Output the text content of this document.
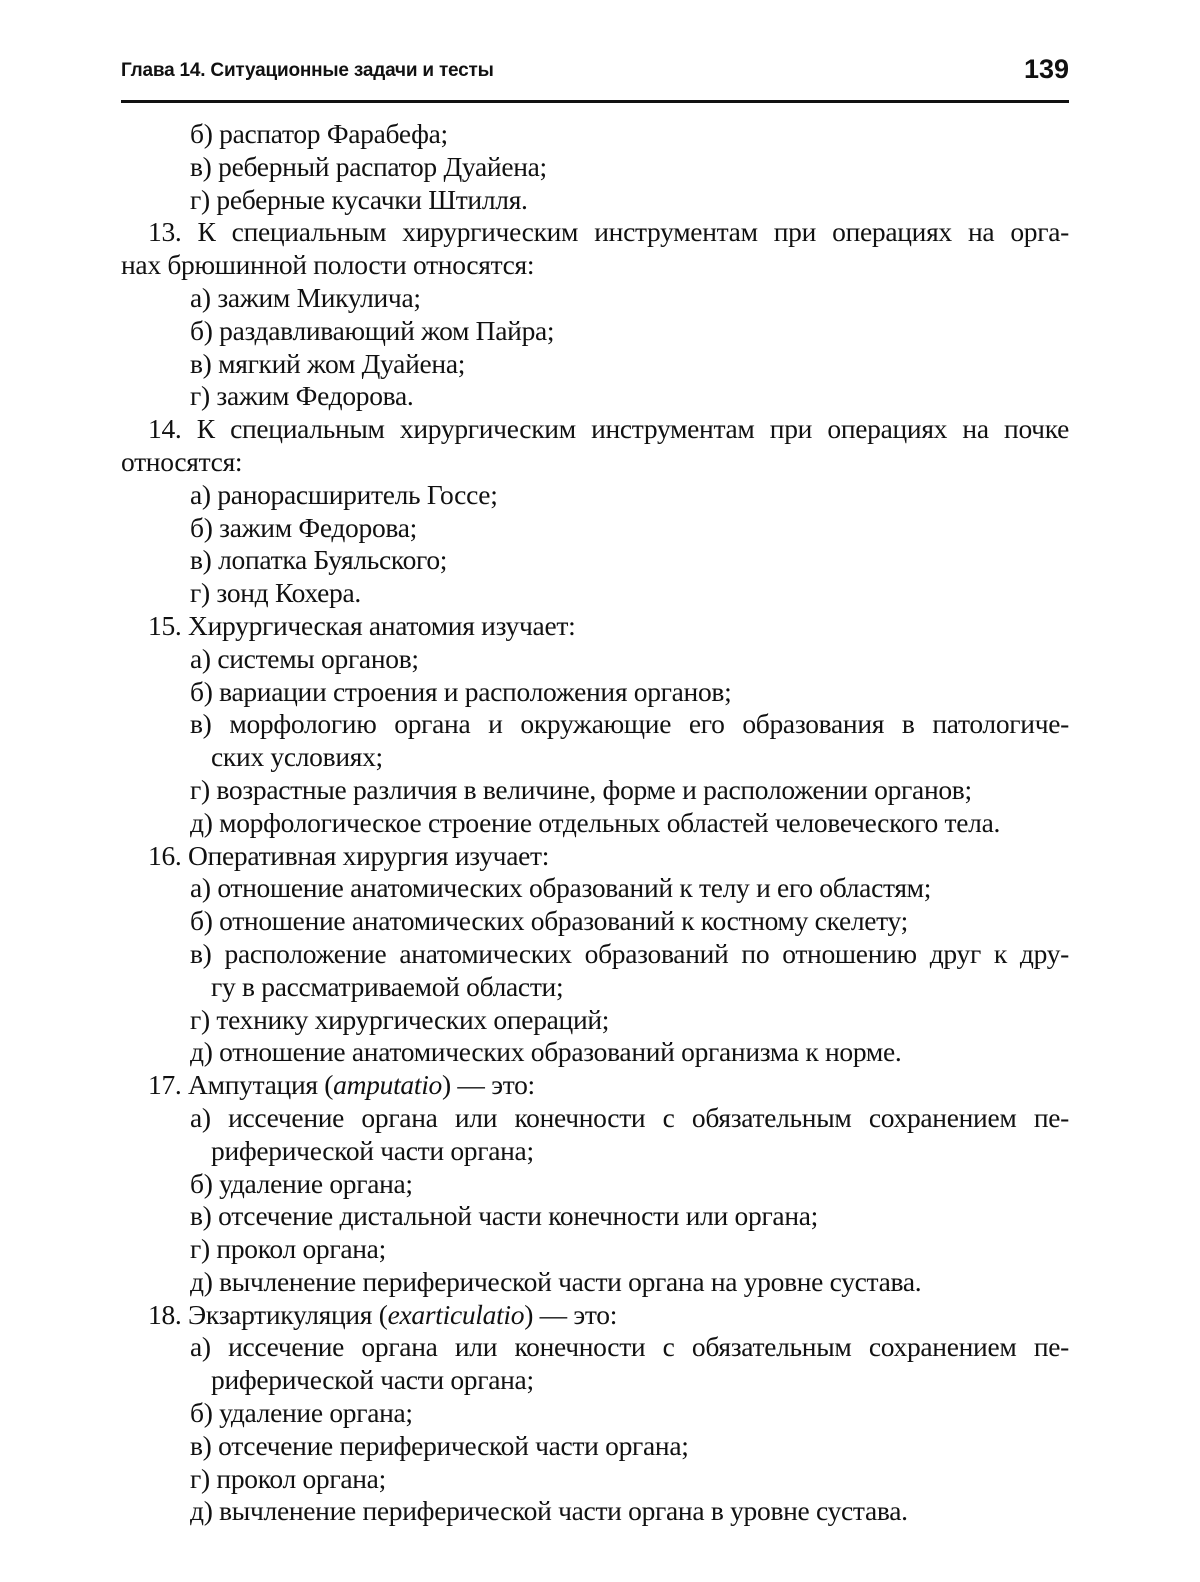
Глава 14. Ситуационные задачи и тесты	139
б) распатор Фарабефа;
в) реберный распатор Дуайена;
г) реберные кусачки Штилля.
13. К специальным хирургическим инструментам при операциях на орга-
нах брюшинной полости относятся:
а) зажим Микулича;
б) раздавливающий жом Пайра;
в) мягкий жом Дуайена;
г) зажим Федорова.
14. К специальным хирургическим инструментам при операциях на почке
относятся:
а) ранорасширитель Госсе;
б) зажим Федорова;
в) лопатка Буяльского;
г) зонд Кохера.
15. Хирургическая анатомия изучает:
а) системы органов;
б) вариации строения и расположения органов;
в) морфологию органа и окружающие его образования в патологиче-
ских условиях;
г) возрастные различия в величине, форме и расположении органов;
д) морфологическое строение отдельных областей человеческого тела.
16. Оперативная хирургия изучает:
а) отношение анатомических образований к телу и его областям;
б) отношение анатомических образований к костному скелету;
в) расположение анатомических образований по отношению друг к дру-
гу в рассматриваемой области;
г) технику хирургических операций;
д) отношение анатомических образований организма к норме.
17. Ампутация (amputatio) — это:
а) иссечение органа или конечности с обязательным сохранением пе-
риферической части органа;
б) удаление органа;
в) отсечение дистальной части конечности или органа;
г) прокол органа;
д) вычленение периферической части органа на уровне сустава.
18. Экзартикуляция (exarticulatio) — это:
а) иссечение органа или конечности с обязательным сохранением пе-
риферической части органа;
б) удаление органа;
в) отсечение периферической части органа;
г) прокол органа;
д) вычленение периферической части органа в уровне сустава.
